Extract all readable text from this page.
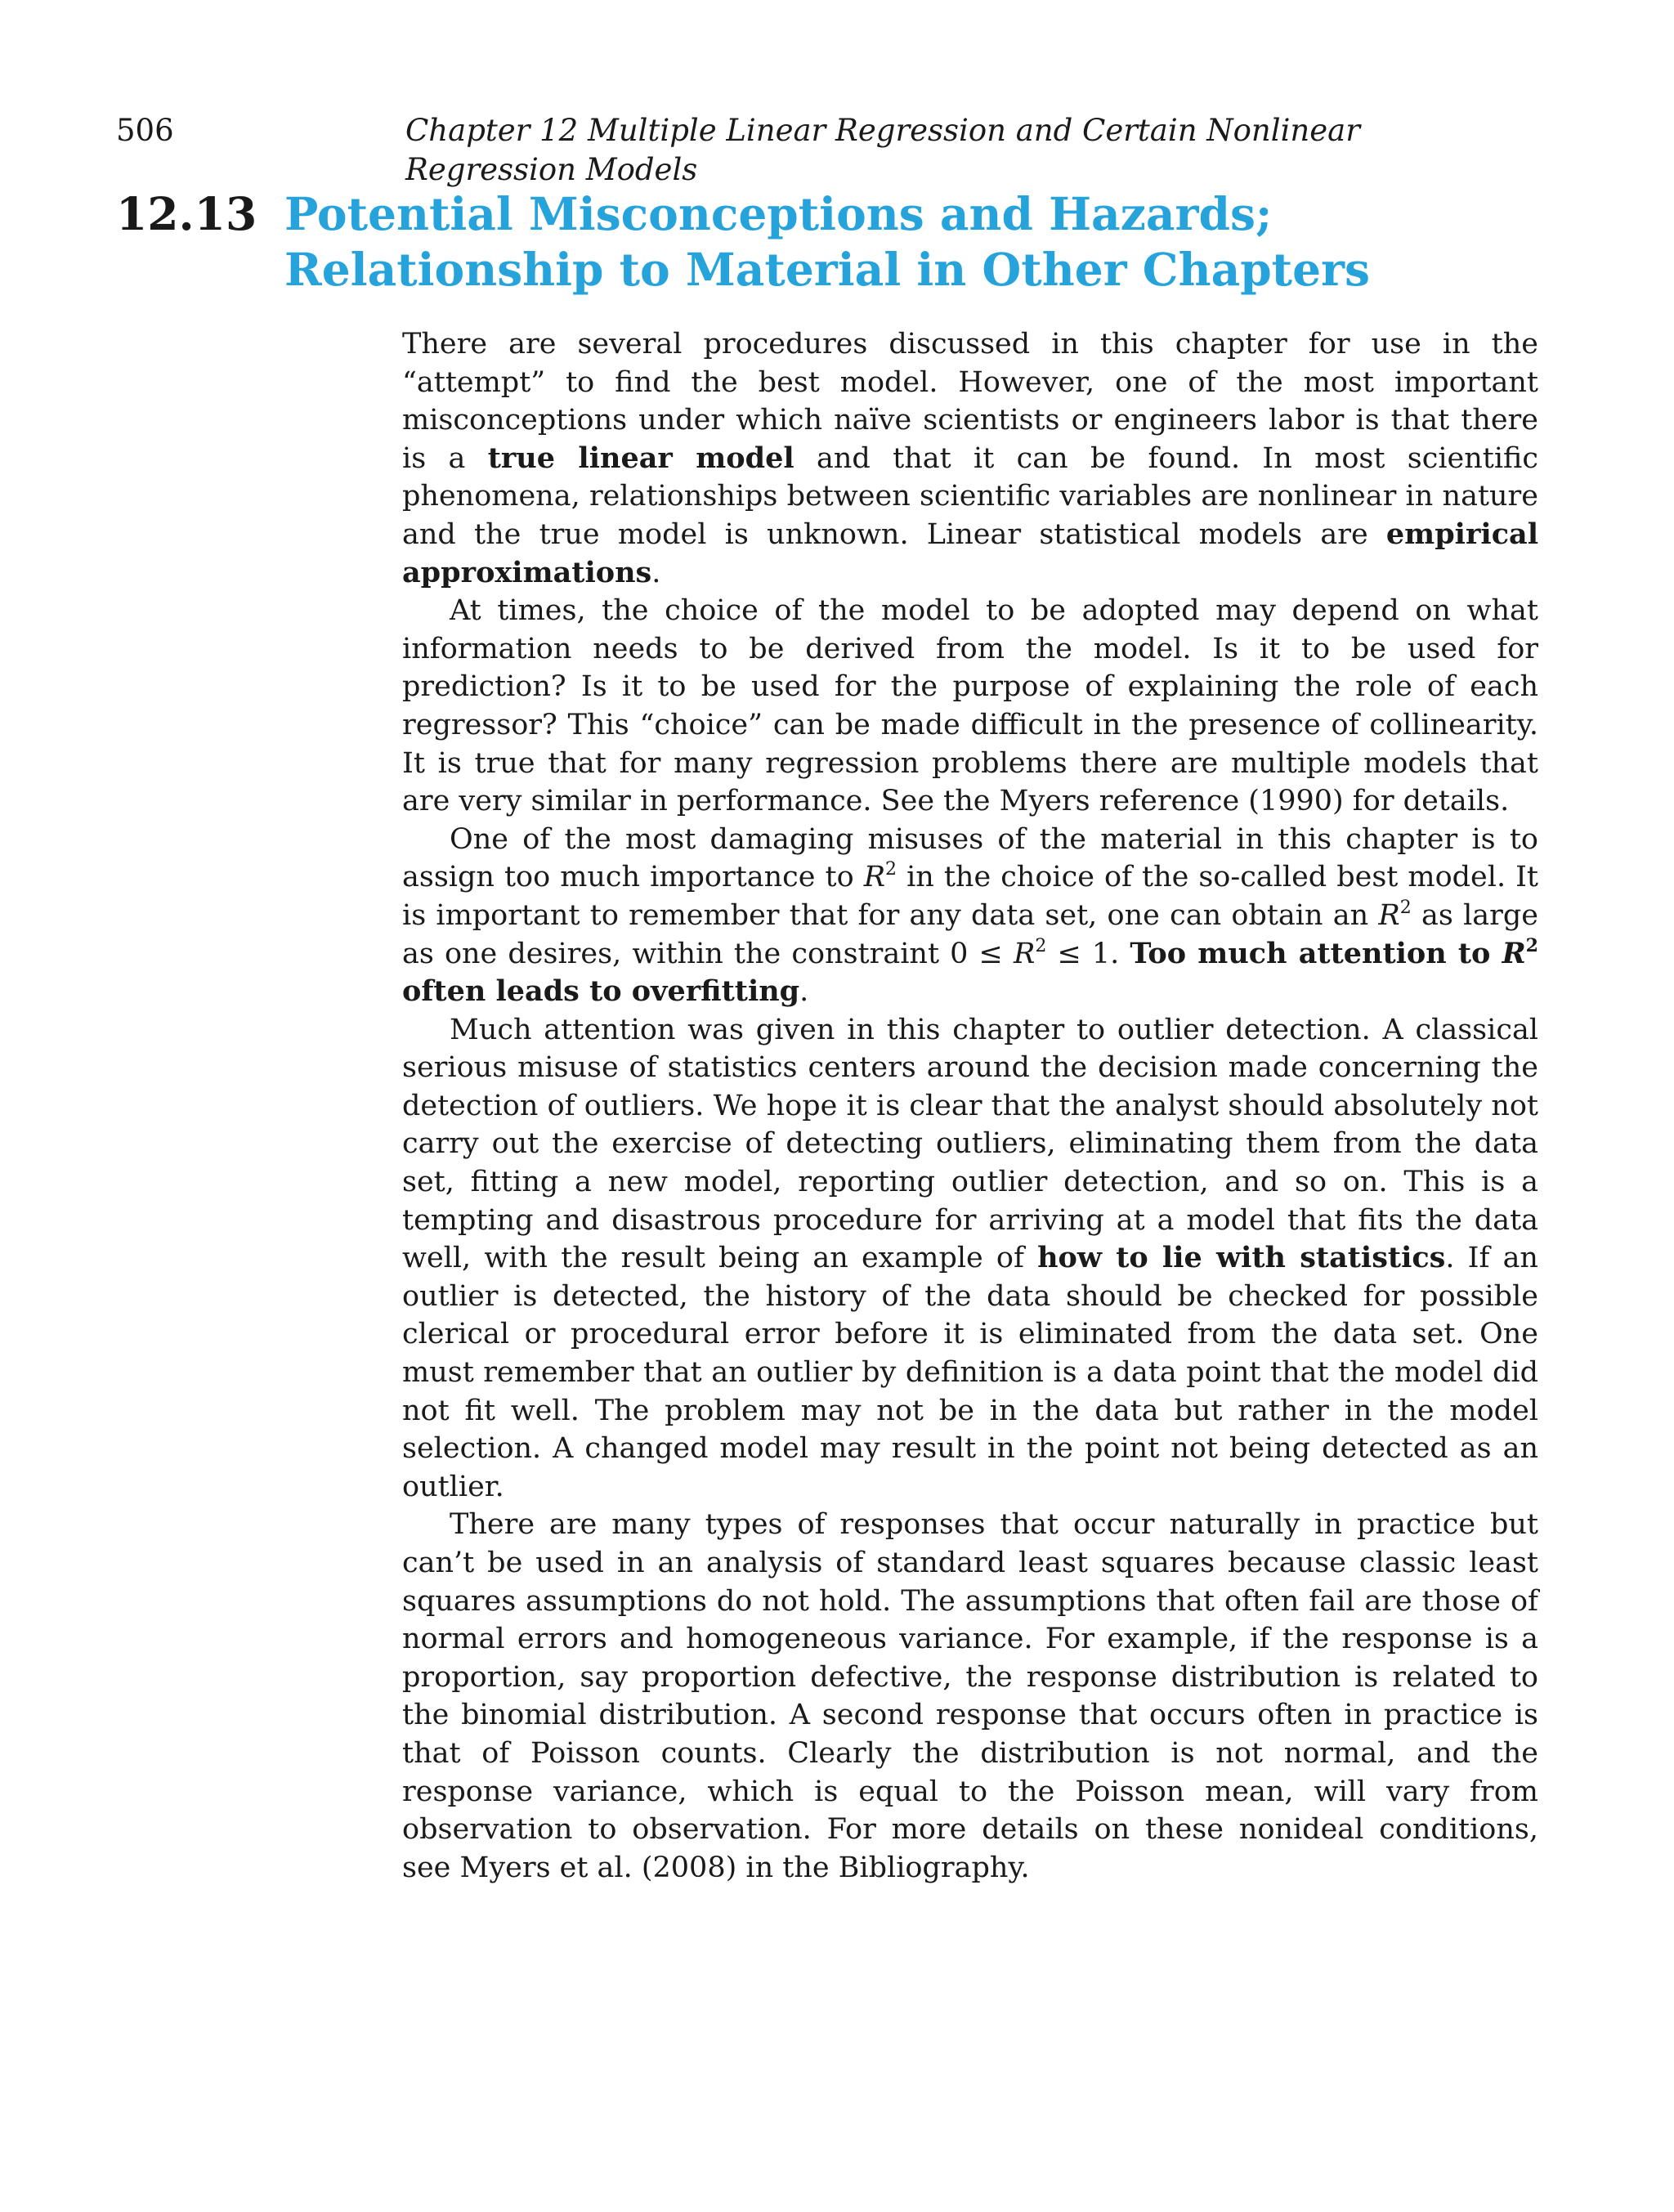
506	Chapter 12 Multiple Linear Regression and Certain Nonlinear Regression Models
12.13 Potential Misconceptions and Hazards;
Relationship to Material in Other Chapters

There are several procedures discussed in this chapter for use in the “attempt” to find the best model. However, one of the most important misconceptions under which naïve scientists or engineers labor is that there is a true linear model and that it can be found. In most scientific phenomena, relationships between scientific variables are nonlinear in nature and the true model is unknown. Linear statistical models are empirical approximations.

At times, the choice of the model to be adopted may depend on what information needs to be derived from the model. Is it to be used for prediction? Is it to be used for the purpose of explaining the role of each regressor? This “choice” can be made difficult in the presence of collinearity. It is true that for many regression problems there are multiple models that are very similar in performance. See the Myers reference (1990) for details.

One of the most damaging misuses of the material in this chapter is to assign too much importance to $R^2$ in the choice of the so-called best model. It is important to remember that for any data set, one can obtain an $R^2$ as large as one desires, within the constraint $0 \le R^2 \le 1$. Too much attention to $R^2$ often leads to overfitting.

Much attention was given in this chapter to outlier detection. A classical serious misuse of statistics centers around the decision made concerning the detection of outliers. We hope it is clear that the analyst should absolutely not carry out the exercise of detecting outliers, eliminating them from the data set, fitting a new model, reporting outlier detection, and so on. This is a tempting and disastrous procedure for arriving at a model that fits the data well, with the result being an example of how to lie with statistics. If an outlier is detected, the history of the data should be checked for possible clerical or procedural error before it is eliminated from the data set. One must remember that an outlier by definition is a data point that the model did not fit well. The problem may not be in the data but rather in the model selection. A changed model may result in the point not being detected as an outlier.

There are many types of responses that occur naturally in practice but can’t be used in an analysis of standard least squares because classic least squares assumptions do not hold. The assumptions that often fail are those of normal errors and homogeneous variance. For example, if the response is a proportion, say proportion defective, the response distribution is related to the binomial distribution. A second response that occurs often in practice is that of Poisson counts. Clearly the distribution is not normal, and the response variance, which is equal to the Poisson mean, will vary from observation to observation. For more details on these nonideal conditions, see Myers et al. (2008) in the Bibliography.
